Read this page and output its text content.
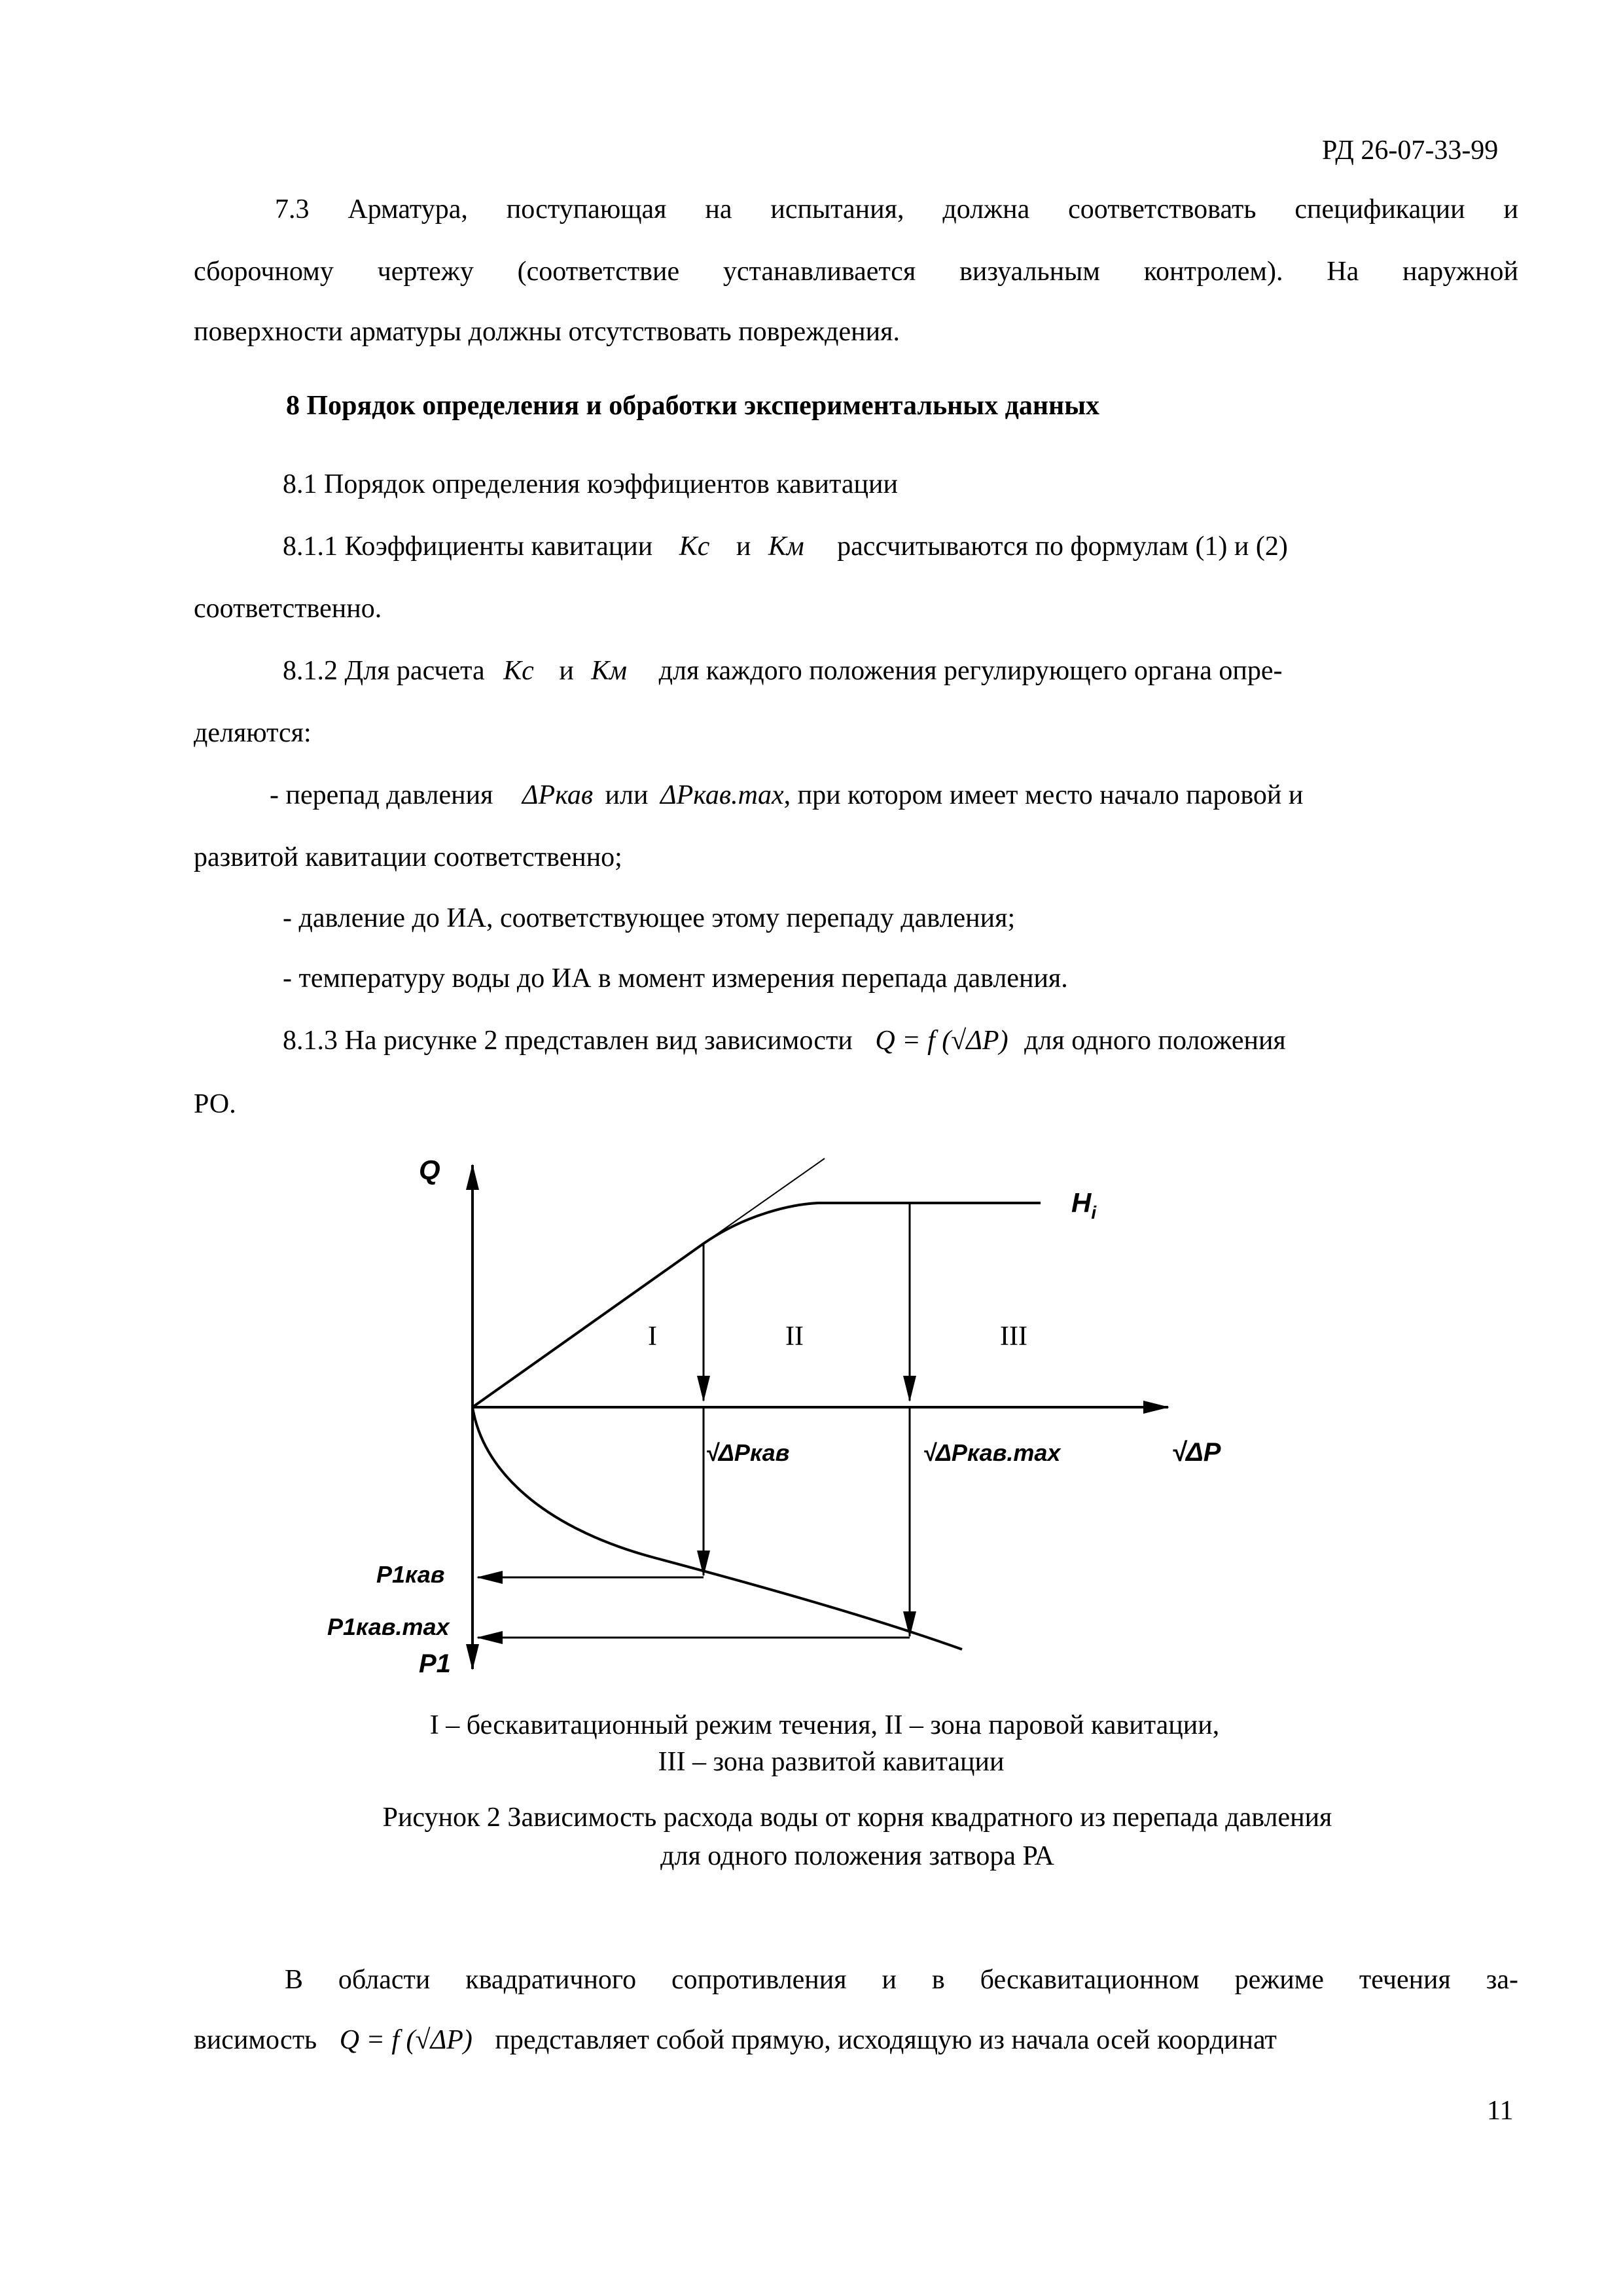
РД 26-07-33-99
7.3 Арматура, поступающая на испытания, должна соответствовать спецификации и
сборочному чертежу (соответствие устанавливается визуальным контролем). На наружной
поверхности арматуры должны отсутствовать повреждения.
8 Порядок определения и обработки экспериментальных данных
8.1 Порядок определения коэффициентов кавитации
8.1.1 Коэффициенты кавитации Kc и Kм рассчитываются по формулам (1) и (2)
соответственно.
8.1.2 Для расчета Kc и Kм для каждого положения регулирующего органа опре-
деляются:
- перепад давления ΔPкав или ΔPкав.max, при котором имеет место начало паровой и
развитой кавитации соответственно;
- давление до ИА, соответствующее этому перепаду давления;
- температуру воды до ИА в момент измерения перепада давления.
8.1.3 На рисунке 2 представлен вид зависимости Q = f (√ΔP) для одного положения
РО.
Q
$H_i$
I	II	III
√ΔPкав	√ΔPкав.max	√ΔP
P1кав
P1кав.max
P1
I – бескавитационный режим течения, II – зона паровой кавитации,
III – зона развитой кавитации
Рисунок 2 Зависимость расхода воды от корня квадратного из перепада давления
для одного положения затвора РА
В области квадратичного сопротивления и в бескавитационном режиме течения за-
висимость Q = f (√ΔP) представляет собой прямую, исходящую из начала осей координат
11
